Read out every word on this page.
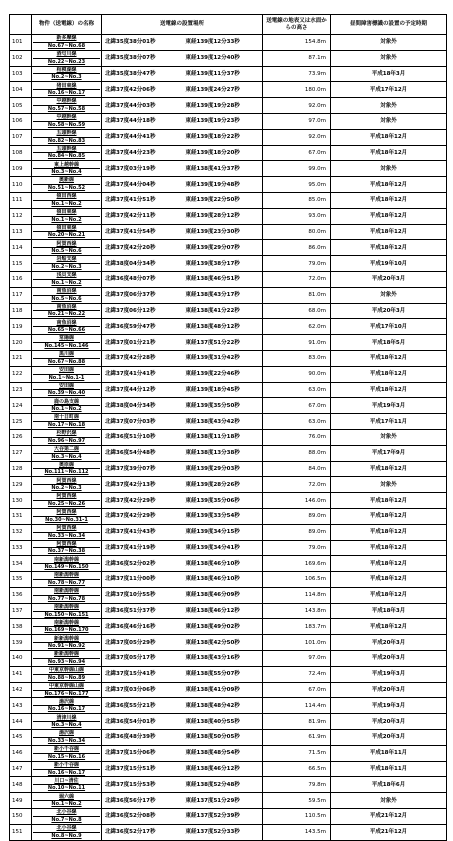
	物件（送電線）の名称	送電線の設置場所		送電線の地表又は水面からの高さ	昼間障害標識の設置の予定時期
101	新多摩線
No.67~No.68	北緯35度38分01秒	東経139度12分33秒	154.8m	対象外
102	酒匂川線
No.22~No.23	北緯35度38分07秒	東経139度12分40秒	87.1m	対象外
103	相模湖線
No.2~No.3	北緯35度38分47秒	東経139度11分37秒	73.9m	平成18年3月
104	猪田東線
No.16~No.17	北緯37度42分06秒	東経139度24分27秒	180.0m	平成17年12月
105	中越幹線
No.57~No.58	北緯37度44分03秒	東経139度19分28秒	92.0m	対象外
106	中越幹線
No.58~No.59	北緯37度44分18秒	東経139度19分23秒	97.0m	対象外
107	五頭幹線
No.82~No.83	北緯37度44分41秒	東経139度18分22秒	92.0m	平成18年12月
108	五頭幹線
No.84~No.85	北緯37度44分23秒	東経139度18分20秒	67.0m	平成18年12月
109	東上越幹線
No.3~No.4	北緯37度03分19秒	東経138度41分37秒	99.0m	対象外
110	奥新線
No.51~No.52	北緯37度44分04秒	東経139度19分48秒	95.0m	平成18年12月
111	猿田西線
No.1~No.2	北緯37度41分51秒	東経139度22分50秒	85.0m	平成18年12月
112	猿田東線
No.1~No.2	北緯37度42分11秒	東経139度28分12秒	93.0m	平成18年12月
113	猿田東線
No.20~No.21	北緯37度41分54秒	東経139度23分30秒	80.0m	平成18年12月
114	阿賀西線
No.5~No.6	北緯37度42分20秒	東経139度29分07秒	86.0m	平成18年12月
115	岩船支線
No.2~No.3	北緯38度04分34秒	東経139度38分17秒	79.0m	平成19年10月
116	浅貝支線
No.1~No.2	北緯36度48分07秒	東経138度46分51秒	72.0m	平成20年3月
117	南魚沼線
No.5~No.6	北緯37度06分37秒	東経138度43分17秒	81.0m	対象外
118	南魚沼線
No.21~No.22	北緯37度06分12秒	東経138度41分22秒	68.0m	平成20年3月
119	南魚沼線
No.65~No.66	北緯36度59分47秒	東経138度48分12秒	62.0m	平成17年10月
120	常陽線
No.145~No.146	北緯37度01分21秒	東経137度51分22秒	91.0m	平成18年5月
121	黒川線
No.67~No.88	北緯37度42分28秒	東経139度31分42秒	83.0m	平成18年12月
122	安田線
No.1~No.1-1	北緯37度41分41秒	東経139度22分46秒	90.0m	平成18年12月
123	安田線
No.39~No.40	北緯37度44分12秒	東経139度18分45秒	63.0m	平成18年12月
124	鹿の島支線
No.1~No.2	北緯38度04分34秒	東経139度35分50秒	67.0m	平成19年3月
125	南十日町線
No.17~No.18	北緯37度07分03秒	東経138度43分42秒	63.0m	平成17年11月
126	杉野沢線
No.96~No.97	北緯36度51分10秒	東経138度11分18秒	76.0m	対象外
127	大谷第二線
No.3~No.4	北緯36度54分48秒	東経138度13分38秒	88.0m	平成17年9月
128	奥原線
No.111~No.112	北緯37度39分07秒	東経139度29分03秒	84.0m	平成18年12月
129	阿賀西線
No.2~No.3	北緯37度42分13秒	東経139度28分26秒	72.0m	対象外
130	阿賀西線
No.25~No.26	北緯37度42分29秒	東経139度35分06秒	146.0m	平成18年12月
131	阿賀西線
No.30~No.31-1	北緯37度42分29秒	東経139度33分54秒	89.0m	平成18年12月
132	阿賀西線
No.33~No.34	北緯37度41分43秒	東経139度34分15秒	89.0m	平成18年12月
133	阿賀西線
No.37~No.38	北緯37度41分19秒	東経139度34分41秒	79.0m	平成18年12月
134	南新潟幹線
No.149~No.150	北緯36度52分02秒	東経138度46分10秒	169.6m	平成18年12月
135	南新潟幹線
No.78~No.77	北緯37度11分00秒	東経138度46分10秒	106.5m	平成18年12月
136	南新潟幹線
No.77~No.78	北緯37度10分55秒	東経138度46分09秒	114.8m	平成18年12月
137	南新潟幹線
No.150~No.151	北緯36度51分37秒	東経138度46分12秒	143.8m	平成18年3月
138	南新潟幹線
No.169~No.170	北緯36度46分16秒	東経138度49分02秒	183.7m	平成18年12月
139	新新潟幹線
No.91~No.92	北緯37度05分29秒	東経138度42分50秒	101.0m	平成20年3月
140	新新潟幹線
No.93~No.94	北緯37度05分17秒	東経138度43分16秒	97.0m	平成20年3月
141	中東京幹線山線
No.88~No.89	北緯37度15分41秒	東経138度55分07秒	72.4m	平成19年3月
142	中東京幹線山線
No.176~No.177	北緯37度03分06秒	東経138度41分09秒	67.0m	平成20年3月
143	湯沢線
No.16~No.17	北緯36度55分21秒	東経138度48分42秒	114.4m	平成19年3月
144	清津川線
No.3~No.4	北緯36度54分01秒	東経138度40分55秒	81.9m	平成20年3月
145	湯沢線
No.33~No.34	北緯36度48分39秒	東経138度50分05秒	61.9m	平成20年3月
146	新小千谷線
No.15~No.16	北緯37度15分06秒	東経138度48分54秒	71.5m	平成18年11月
147	新小千谷線
No.16~No.17	北緯37度15分51秒	東経138度46分12秒	66.5m	平成18年11月
148	川口~清佐
No.10~No.11	北緯37度15分53秒	東経138度52分48秒	79.8m	平成18年6月
149	堀六線
No.1~No.2	北緯36度56分17秒	東経137度51分29秒	59.5m	対象外
150	北小谷線
No.7~No.8	北緯36度52分08秒	東経137度52分39秒	110.5m	平成21年12月
151	北小谷線
No.8~No.9	北緯36度52分17秒	東経137度52分33秒	143.5m	平成21年12月
